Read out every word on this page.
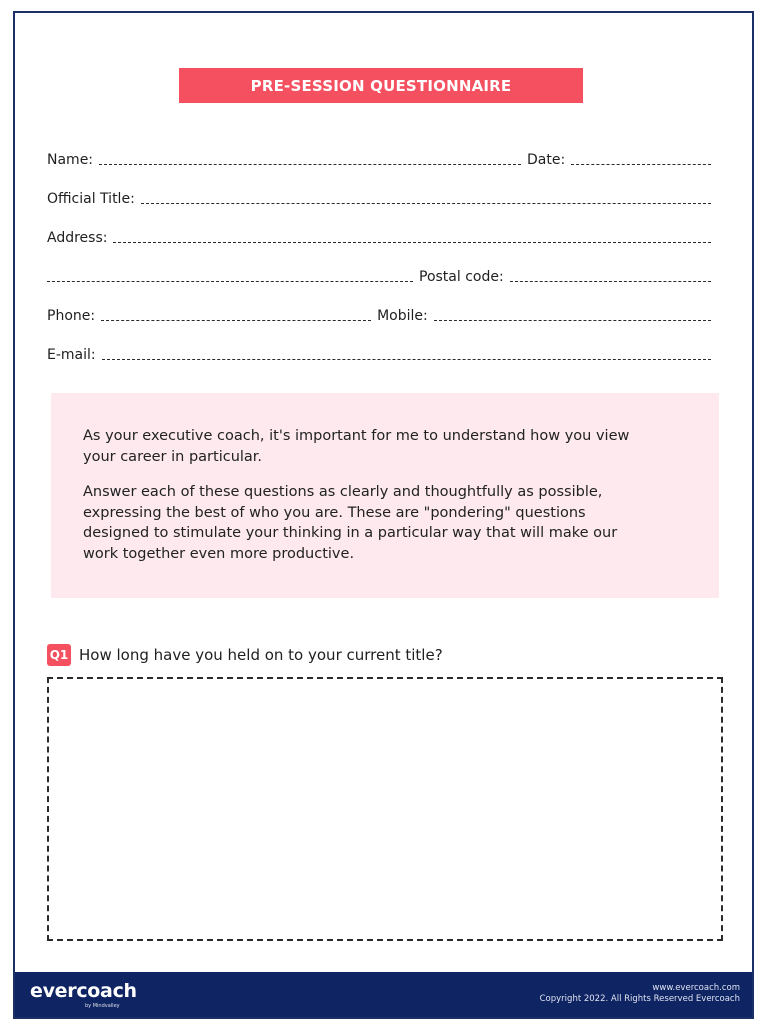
PRE-SESSION QUESTIONNAIRE
Name:	Date:
Official Title:
Address:
Postal code:
Phone:	Mobile:
E-mail:

As your executive coach, it's important for me to understand how you view your career in particular.

Answer each of these questions as clearly and thoughtfully as possible, expressing the best of who you are. These are "pondering" questions designed to stimulate your thinking in a particular way that will make our work together even more productive.

Q1 How long have you held on to your current title?
evercoach
by Mindvalley
www.evercoach.com
Copyright 2022. All Rights Reserved Evercoach
